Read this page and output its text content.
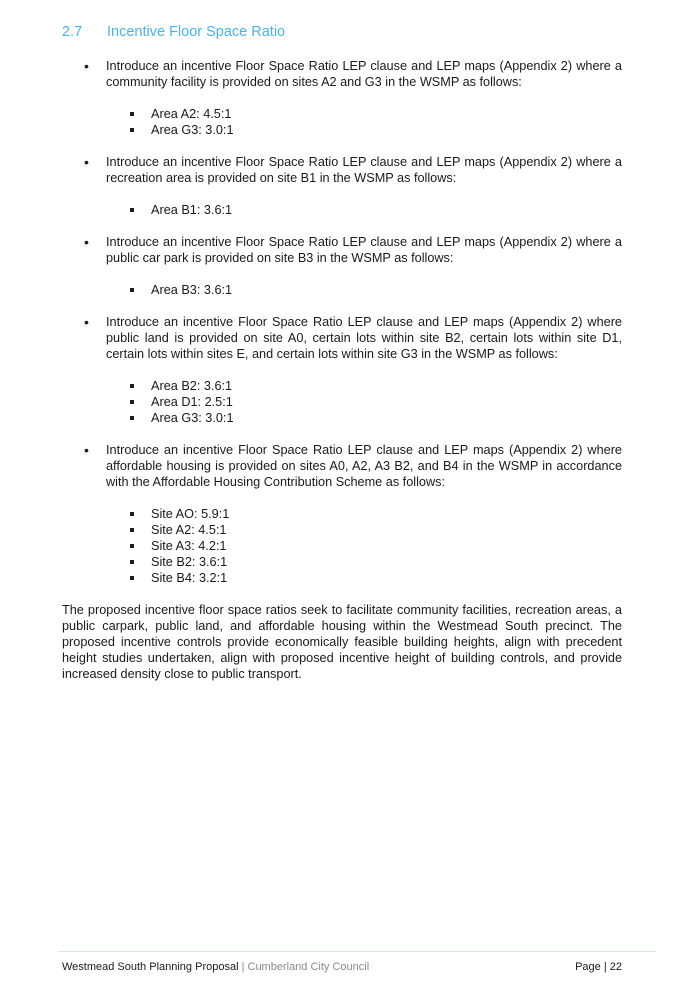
2.7 Incentive Floor Space Ratio
• Introduce an incentive Floor Space Ratio LEP clause and LEP maps (Appendix 2) where a community facility is provided on sites A2 and G3 in the WSMP as follows:
Area A2: 4.5:1
Area G3: 3.0:1
• Introduce an incentive Floor Space Ratio LEP clause and LEP maps (Appendix 2) where a recreation area is provided on site B1 in the WSMP as follows:
Area B1: 3.6:1
• Introduce an incentive Floor Space Ratio LEP clause and LEP maps (Appendix 2) where a public car park is provided on site B3 in the WSMP as follows:
Area B3: 3.6:1
• Introduce an incentive Floor Space Ratio LEP clause and LEP maps (Appendix 2) where public land is provided on site A0, certain lots within site B2, certain lots within site D1, certain lots within sites E, and certain lots within site G3 in the WSMP as follows:
Area B2: 3.6:1
Area D1: 2.5:1
Area G3: 3.0:1
• Introduce an incentive Floor Space Ratio LEP clause and LEP maps (Appendix 2) where affordable housing is provided on sites A0, A2, A3 B2, and B4 in the WSMP in accordance with the Affordable Housing Contribution Scheme as follows:
Site AO: 5.9:1
Site A2: 4.5:1
Site A3: 4.2:1
Site B2: 3.6:1
Site B4: 3.2:1

The proposed incentive floor space ratios seek to facilitate community facilities, recreation areas, a public carpark, public land, and affordable housing within the Westmead South precinct. The proposed incentive controls provide economically feasible building heights, align with precedent height studies undertaken, align with proposed incentive height of building controls, and provide increased density close to public transport.

Westmead South Planning Proposal | Cumberland City Council	Page | 22
